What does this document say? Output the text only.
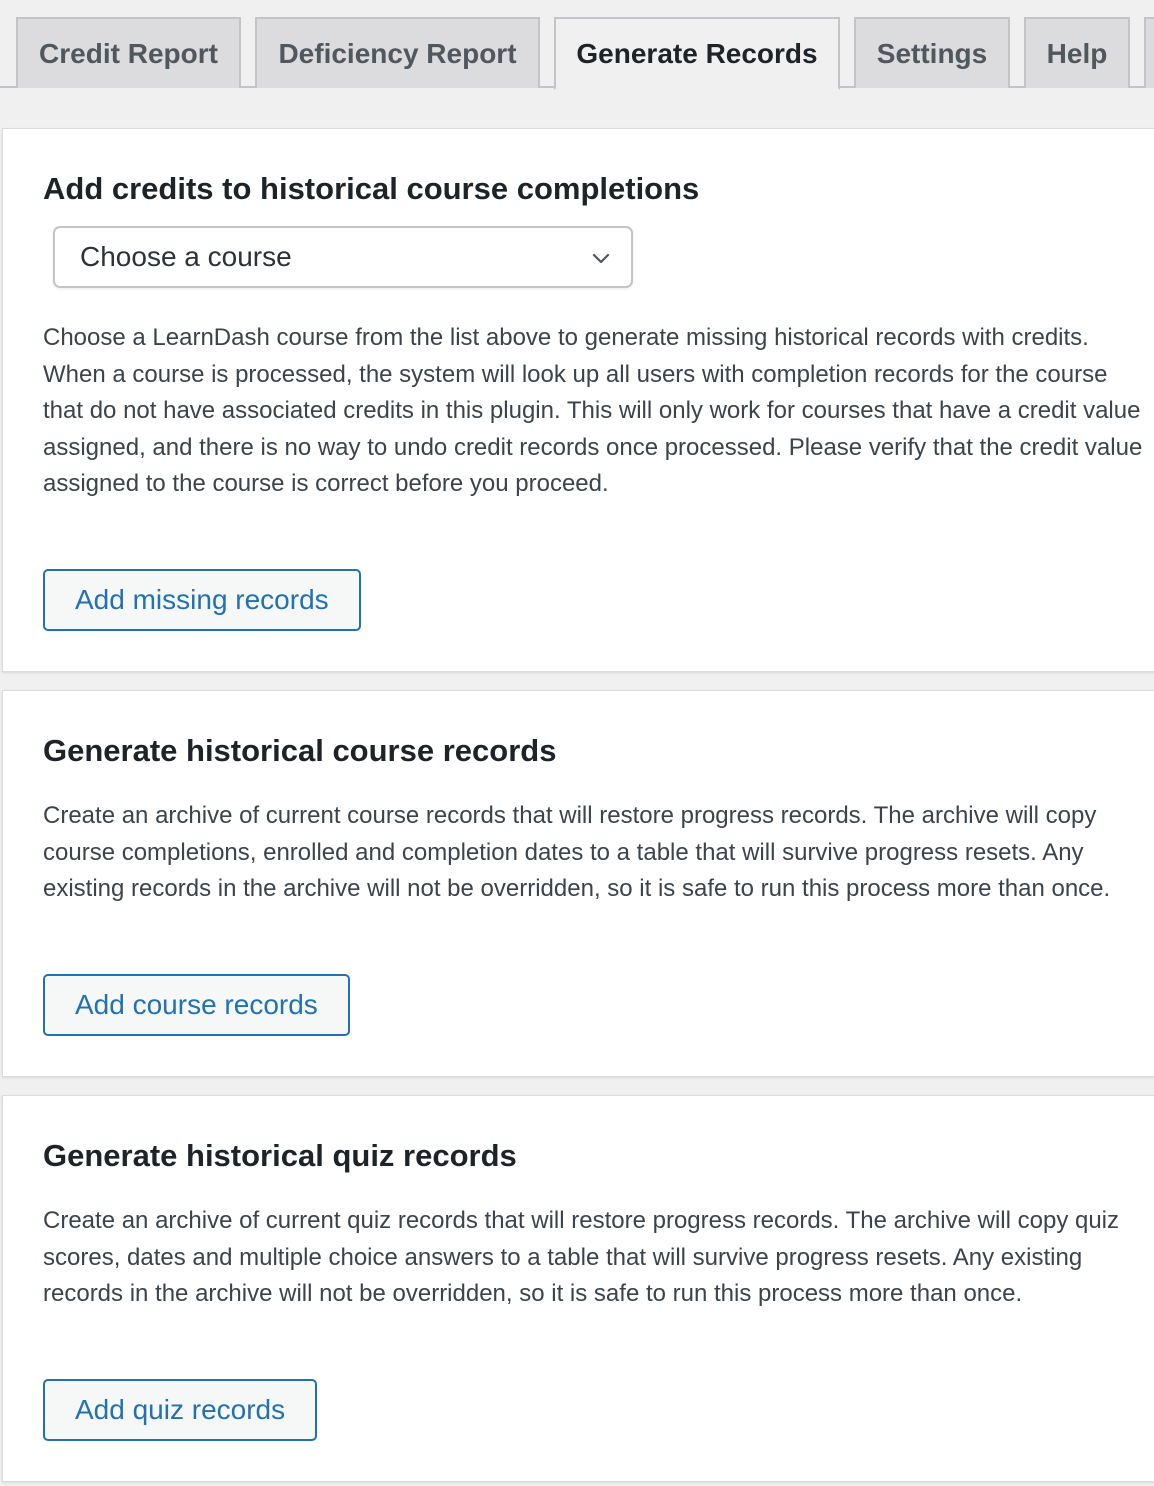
Credit Report	Deficiency Report	Generate Records	Settings	Help
Add credits to historical course completions
Choose a course

Choose a LearnDash course from the list above to generate missing historical records with credits. When a course is processed, the system will look up all users with completion records for the course that do not have associated credits in this plugin. This will only work for courses that have a credit value assigned, and there is no way to undo credit records once processed. Please verify that the credit value assigned to the course is correct before you proceed.

Add missing records
Generate historical course records

Create an archive of current course records that will restore progress records. The archive will copy course completions, enrolled and completion dates to a table that will survive progress resets. Any existing records in the archive will not be overridden, so it is safe to run this process more than once.

Add course records
Generate historical quiz records

Create an archive of current quiz records that will restore progress records. The archive will copy quiz scores, dates and multiple choice answers to a table that will survive progress resets. Any existing records in the archive will not be overridden, so it is safe to run this process more than once.

Add quiz records
